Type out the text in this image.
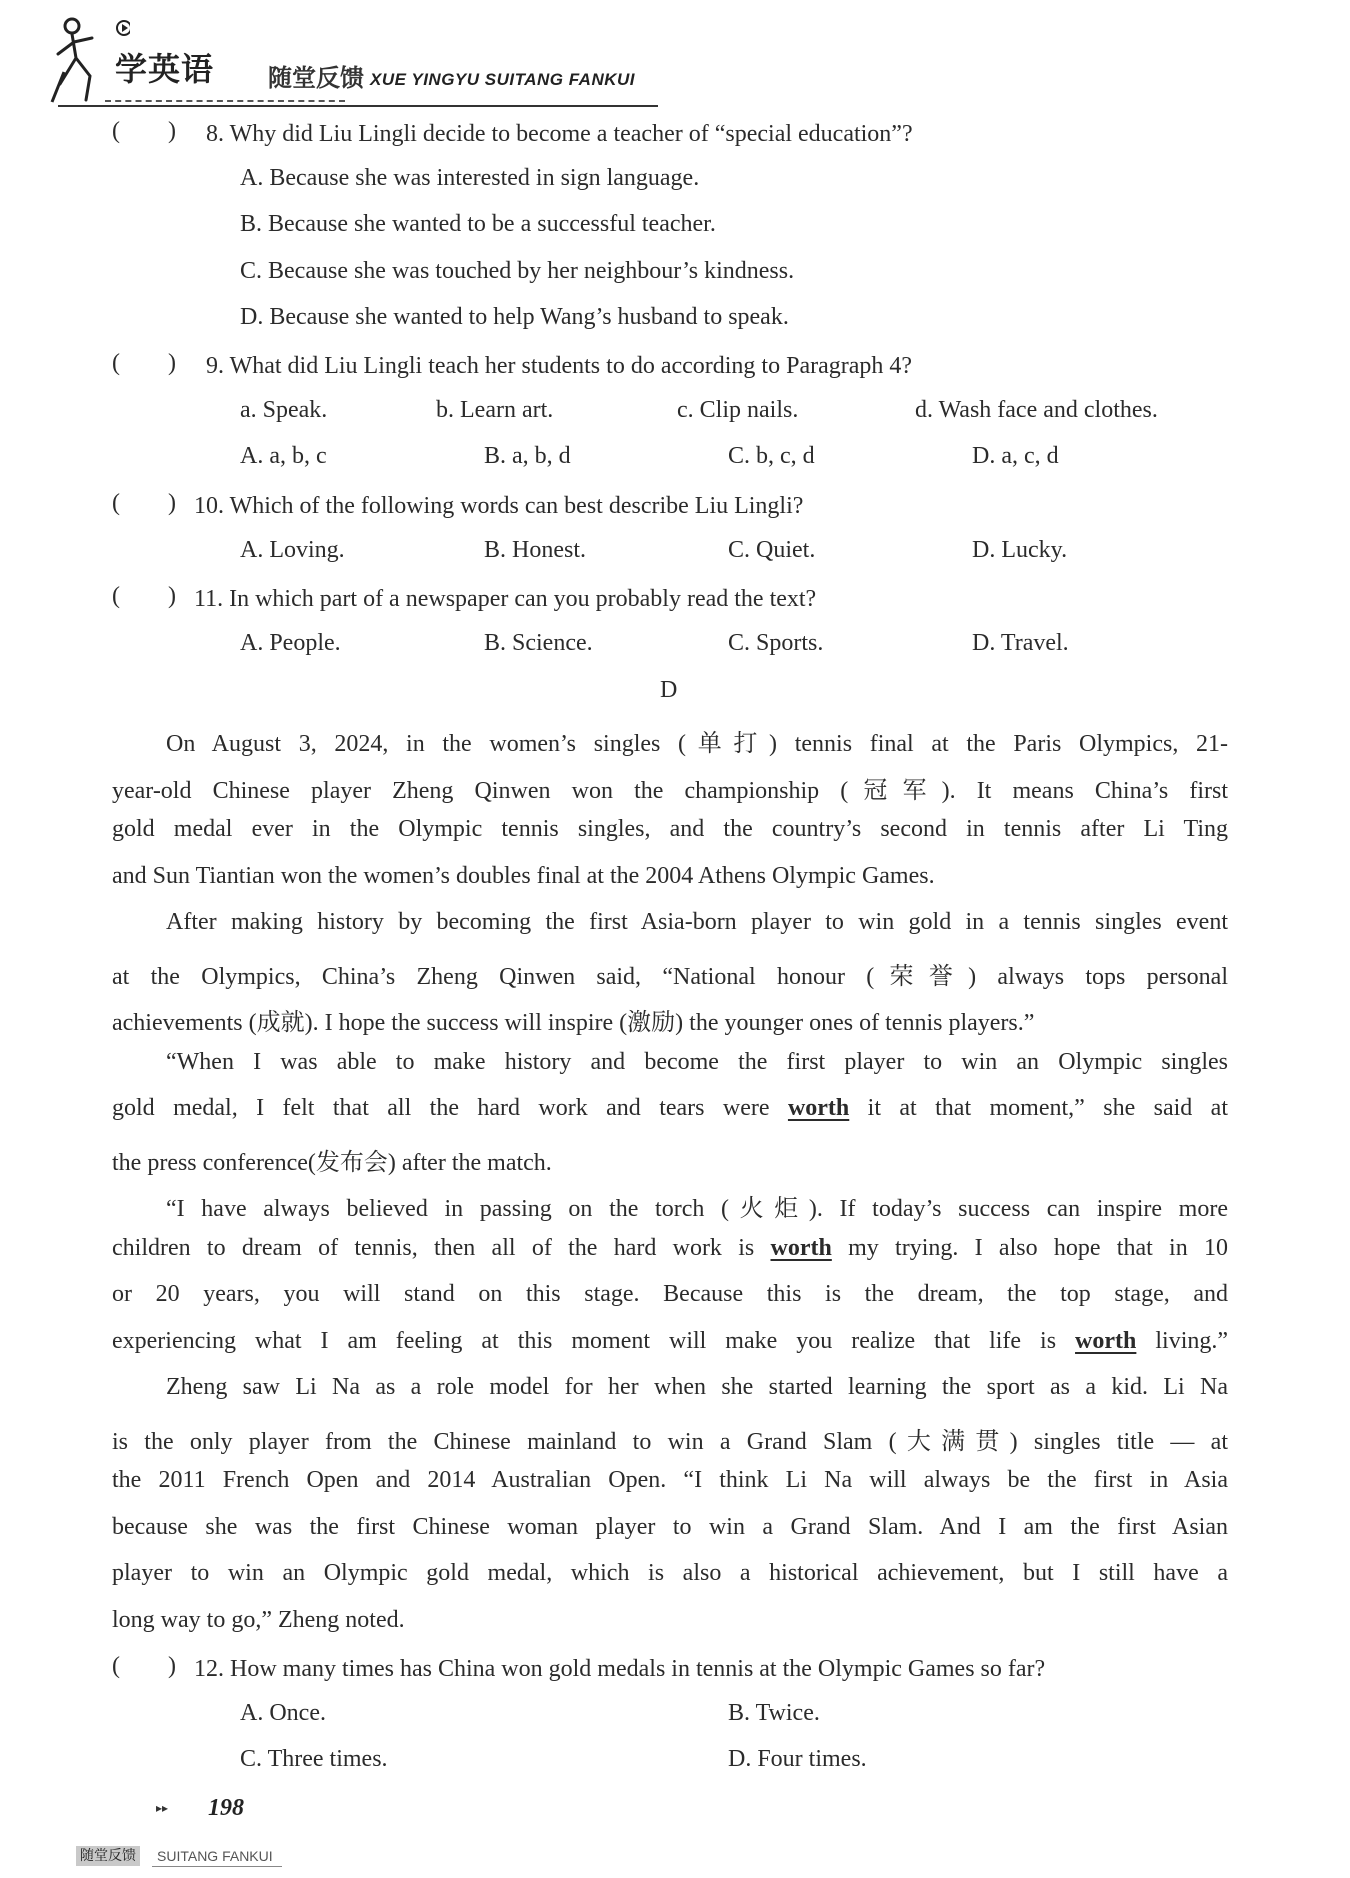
学英语 随堂反馈 XUE YINGYU SUITANG FANKUI
(        ) 8. Why did Liu Lingli decide to become a teacher of “special education”?
A. Because she was interested in sign language.
B. Because she wanted to be a successful teacher.
C. Because she was touched by her neighbour’s kindness.
D. Because she wanted to help Wang’s husband to speak.
(        ) 9. What did Liu Lingli teach her students to do according to Paragraph 4?
a. Speak.	b. Learn art.	c. Clip nails.	d. Wash face and clothes.
A. a, b, c	B. a, b, d	C. b, c, d	D. a, c, d
(        ) 10. Which of the following words can best describe Liu Lingli?
A. Loving.	B. Honest.	C. Quiet.	D. Lucky.
(        ) 11. In which part of a newspaper can you probably read the text?
A. People.	B. Science.	C. Sports.	D. Travel.
D
On August 3, 2024, in the women’s singles (单打) tennis final at the Paris Olympics, 21-
year-old Chinese player Zheng Qinwen won the championship (冠军). It means China’s first
gold medal ever in the Olympic tennis singles, and the country’s second in tennis after Li Ting
and Sun Tiantian won the women’s doubles final at the 2004 Athens Olympic Games.
After making history by becoming the first Asia-born player to win gold in a tennis singles event
at the Olympics, China’s Zheng Qinwen said, “National honour (荣誉) always tops personal
achievements (成就). I hope the success will inspire (激励) the younger ones of tennis players.”
“When I was able to make history and become the first player to win an Olympic singles
gold medal, I felt that all the hard work and tears were worth it at that moment,” she said at
the press conference(发布会) after the match.
“I have always believed in passing on the torch (火炬). If today’s success can inspire more
children to dream of tennis, then all of the hard work is worth my trying. I also hope that in 10
or 20 years, you will stand on this stage. Because this is the dream, the top stage, and
experiencing what I am feeling at this moment will make you realize that life is worth living.”
Zheng saw Li Na as a role model for her when she started learning the sport as a kid. Li Na
is the only player from the Chinese mainland to win a Grand Slam (大满贯) singles title — at
the 2011 French Open and 2014 Australian Open. “I think Li Na will always be the first in Asia
because she was the first Chinese woman player to win a Grand Slam. And I am the first Asian
player to win an Olympic gold medal, which is also a historical achievement, but I still have a
long way to go,” Zheng noted.
(        ) 12. How many times has China won gold medals in tennis at the Olympic Games so far?
A. Once.	B. Twice.
C. Three times.	D. Four times.
▸▸ 198
随堂反馈 SUITANG FANKUI
